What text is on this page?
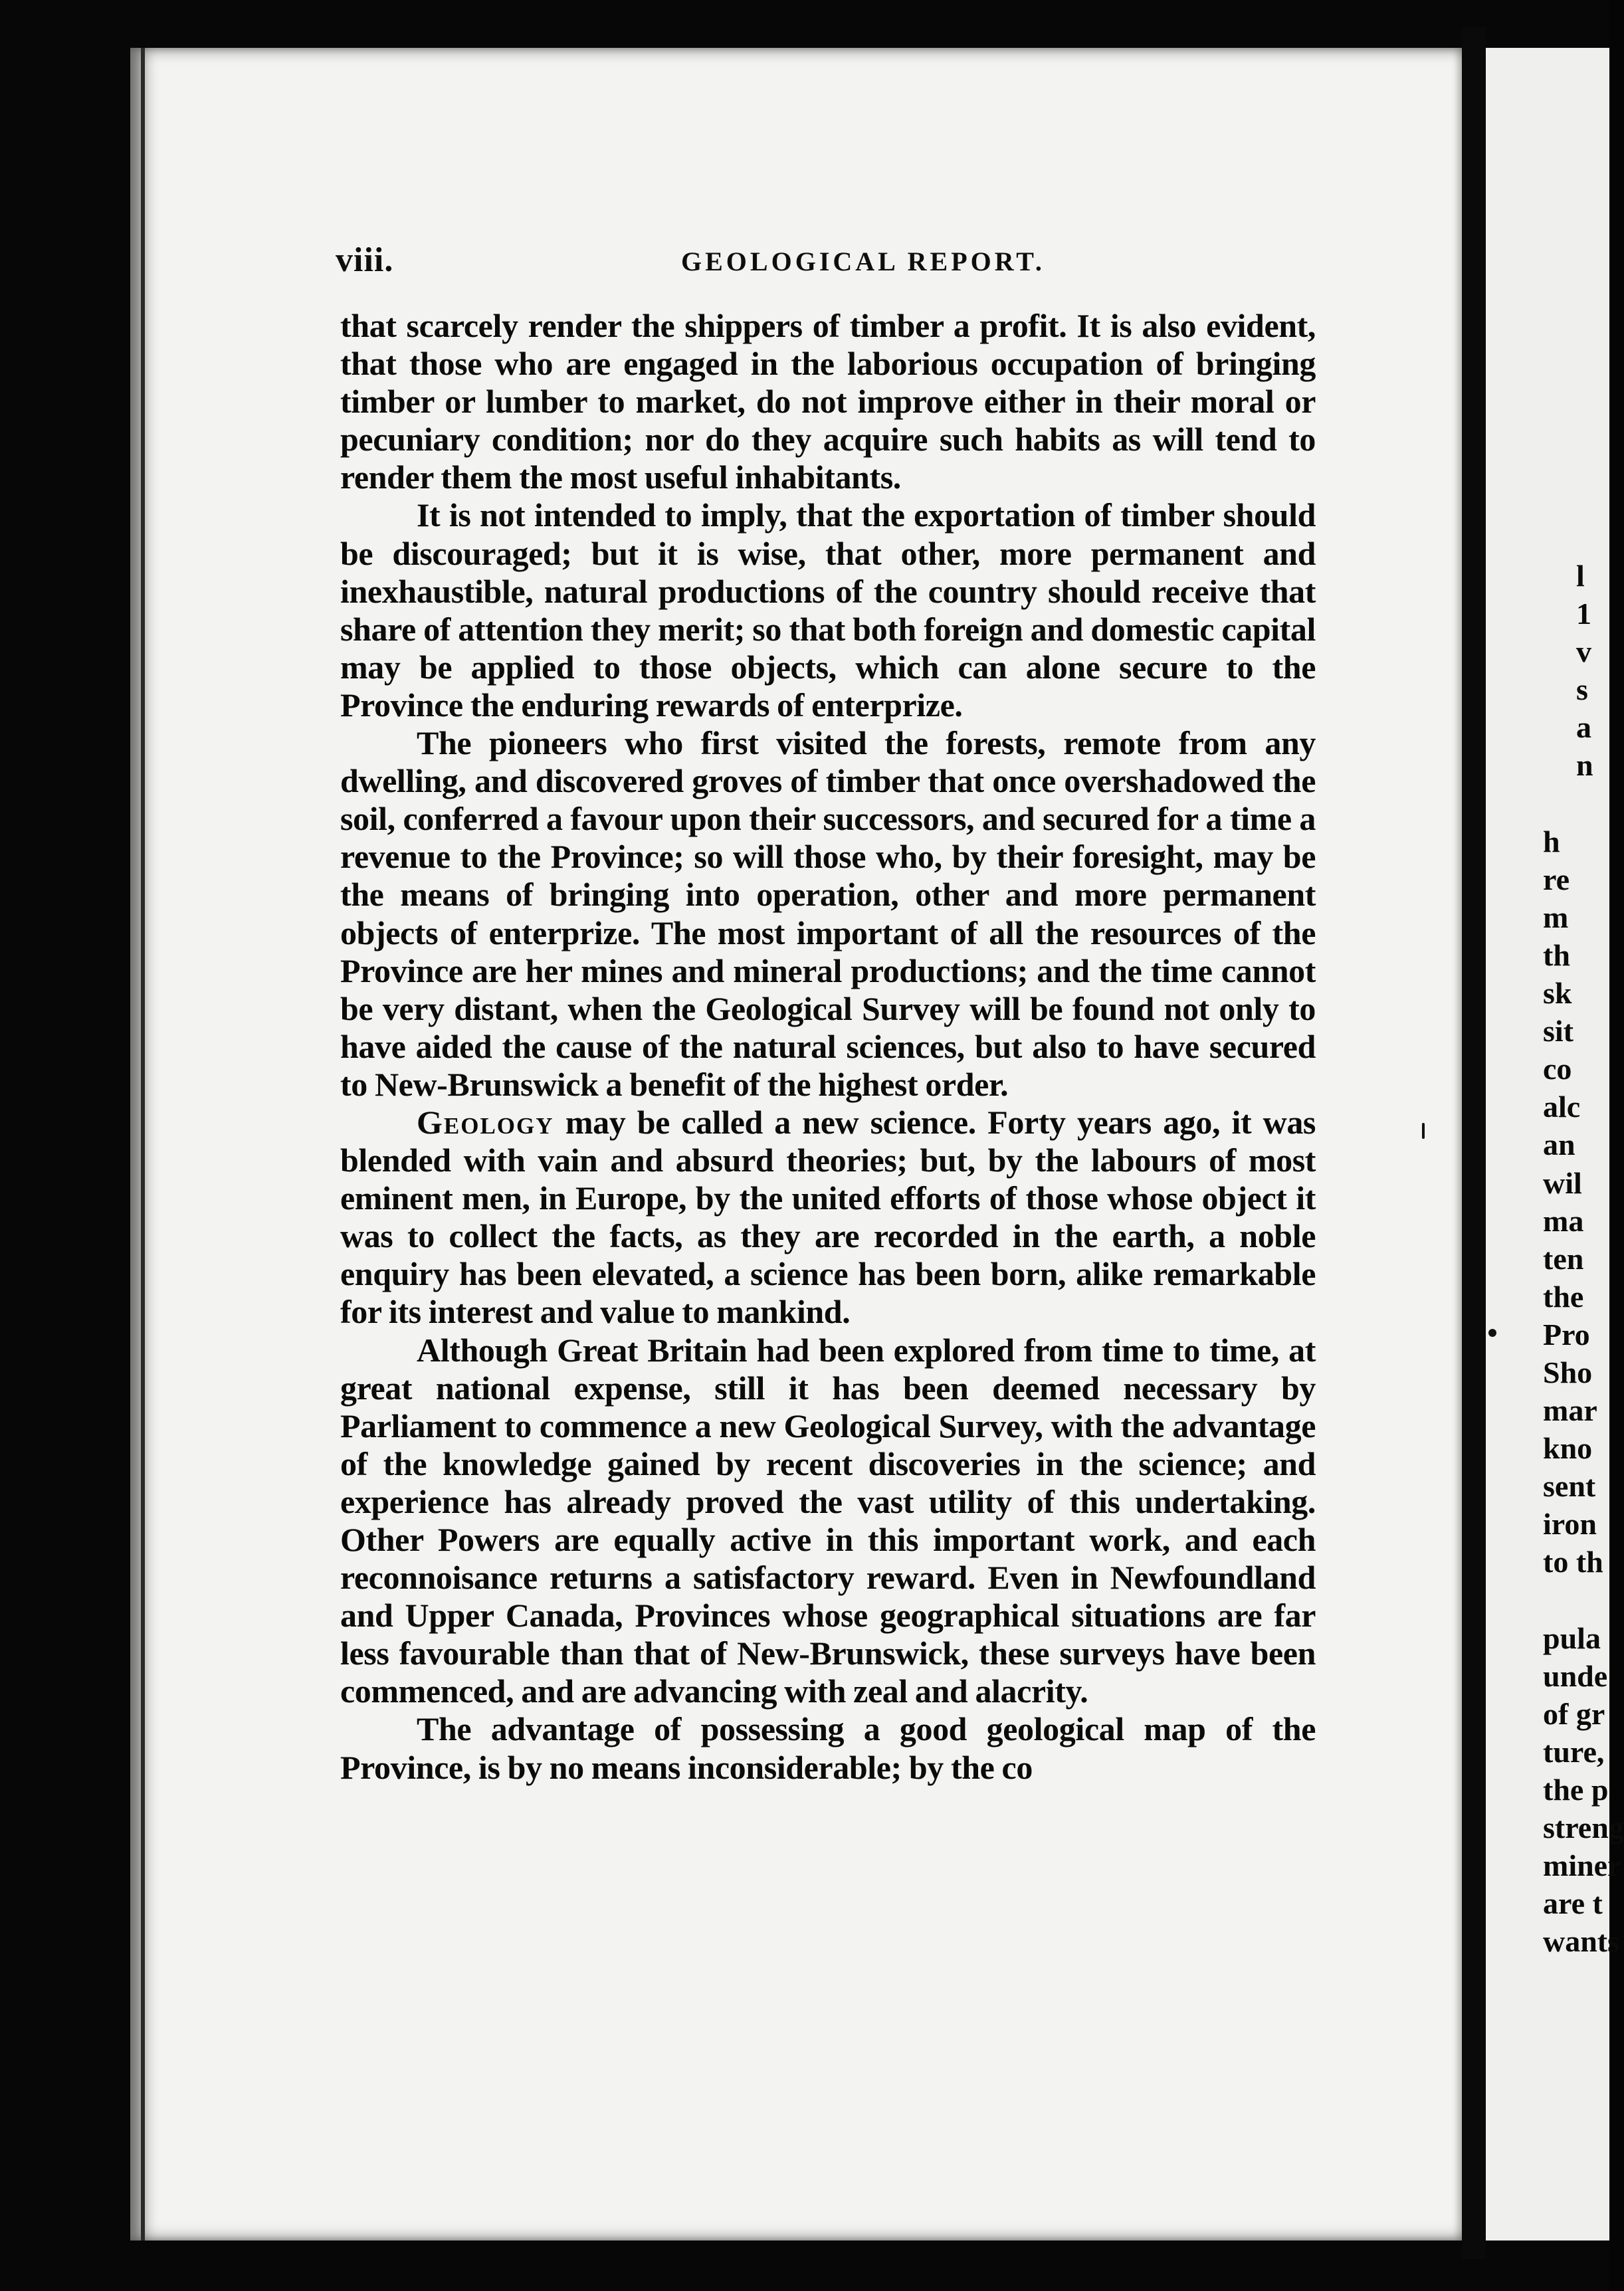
viii.	GEOLOGICAL REPORT.

that scarcely render the shippers of timber a profit. It is also evident, that those who are engaged in the laborious occupation of bringing timber or lumber to market, do not improve either in their moral or pecuniary condition; nor do they acquire such habits as will tend to render them the most useful inhabitants.

It is not intended to imply, that the exportation of timber should be discouraged; but it is wise, that other, more permanent and inexhaustible, natural productions of the country should receive that share of attention they merit; so that both foreign and domestic capital may be applied to those objects, which can alone secure to the Province the enduring rewards of enterprize.

The pioneers who first visited the forests, remote from any dwelling, and discovered groves of timber that once overshadowed the soil, conferred a favour upon their successors, and secured for a time a revenue to the Province; so will those who, by their foresight, may be the means of bringing into operation, other and more permanent objects of enterprize. The most important of all the resources of the Province are her mines and mineral productions; and the time cannot be very distant, when the Geological Survey will be found not only to have aided the cause of the natural sciences, but also to have secured to New-Brunswick a benefit of the highest order.

Geology may be called a new science. Forty years ago, it was blended with vain and absurd theories; but, by the labours of most eminent men, in Europe, by the united efforts of those whose object it was to collect the facts, as they are recorded in the earth, a noble enquiry has been elevated, a science has been born, alike remarkable for its interest and value to mankind.

Although Great Britain had been explored from time to time, at great national expense, still it has been deemed necessary by Parliament to commence a new Geological Survey, with the advantage of the knowledge gained by recent discoveries in the science; and experience has already proved the vast utility of this undertaking. Other Powers are equally active in this important work, and each reconnoisance returns a satisfactory reward. Even in Newfoundland and Upper Canada, Provinces whose geographical situations are far less favourable than that of New-Brunswick, these surveys have been commenced, and are advancing with zeal and alacrity.

The advantage of possessing a good geological map of the Province, is by no means inconsiderable; by the co

l
1
v
s
a
n
h
re
m
th
sk
sit
co
alc
an
wil
ma
ten
the
Pro
Sho
mar
kno
sent
iron
to th
pula
unde
of gr
ture,
the p
streng
miner
are t
wants
